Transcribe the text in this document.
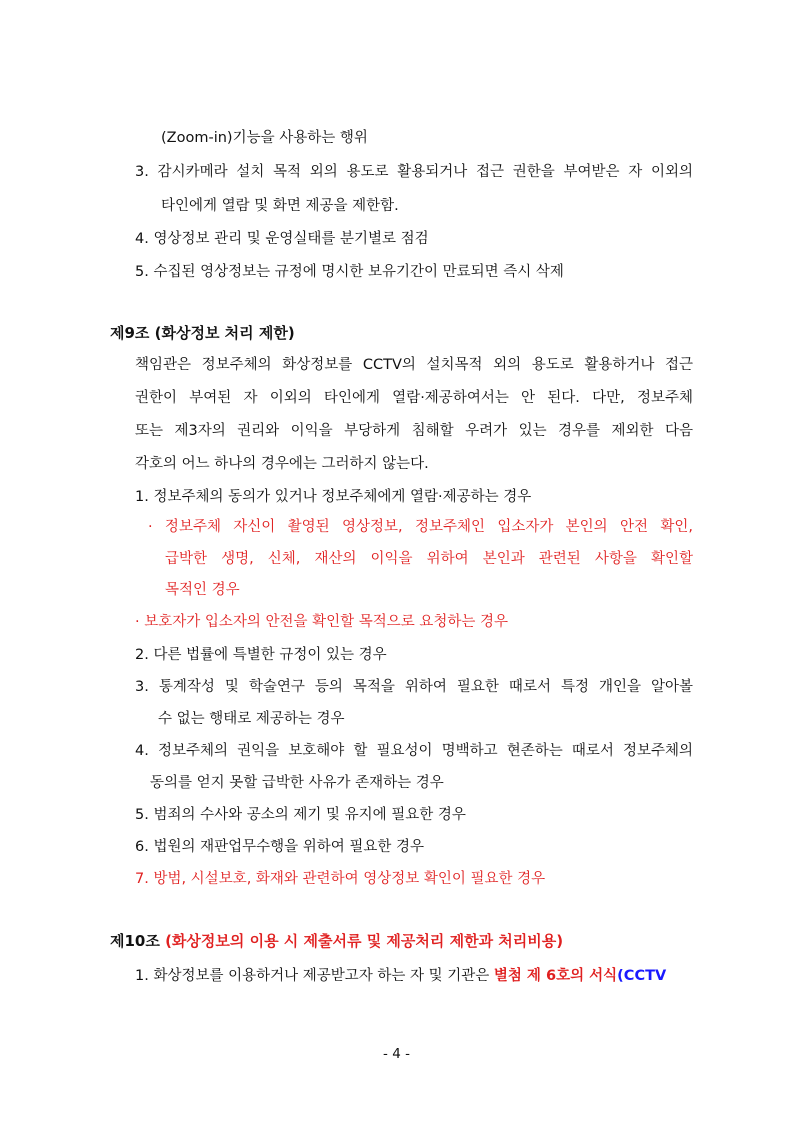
(Zoom-in)기능을 사용하는 행위
3. 감시카메라 설치 목적 외의 용도로 활용되거나 접근 권한을 부여받은 자 이외의
타인에게 열람 및 화면 제공을 제한함.
4. 영상정보 관리 및 운영실태를 분기별로 점검
5. 수집된 영상정보는 규정에 명시한 보유기간이 만료되면 즉시 삭제
제9조 (화상정보 처리 제한)
책임관은 정보주체의 화상정보를 CCTV의 설치목적 외의 용도로 활용하거나 접근
권한이 부여된 자 이외의 타인에게 열람·제공하여서는 안 된다. 다만, 정보주체
또는 제3자의 권리와 이익을 부당하게 침해할 우려가 있는 경우를 제외한 다음
각호의 어느 하나의 경우에는 그러하지 않는다.
1. 정보주체의 동의가 있거나 정보주체에게 열람·제공하는 경우
· 정보주체 자신이 촬영된 영상정보, 정보주체인 입소자가 본인의 안전 확인,
급박한 생명, 신체, 재산의 이익을 위하여 본인과 관련된 사항을 확인할
목적인 경우
· 보호자가 입소자의 안전을 확인할 목적으로 요청하는 경우
2. 다른 법률에 특별한 규정이 있는 경우
3. 통계작성 및 학술연구 등의 목적을 위하여 필요한 때로서 특정 개인을 알아볼
수 없는 행태로 제공하는 경우
4. 정보주체의 권익을 보호해야 할 필요성이 명백하고 현존하는 때로서 정보주체의
동의를 얻지 못할 급박한 사유가 존재하는 경우
5. 범죄의 수사와 공소의 제기 및 유지에 필요한 경우
6. 법원의 재판업무수행을 위하여 필요한 경우
7. 방범, 시설보호, 화재와 관련하여 영상정보 확인이 필요한 경우
제10조 (화상정보의 이용 시 제출서류 및 제공처리 제한과 처리비용)
1. 화상정보를 이용하거나 제공받고자 하는 자 및 기관은 별첨 제 6호의 서식(CCTV
- 4 -
